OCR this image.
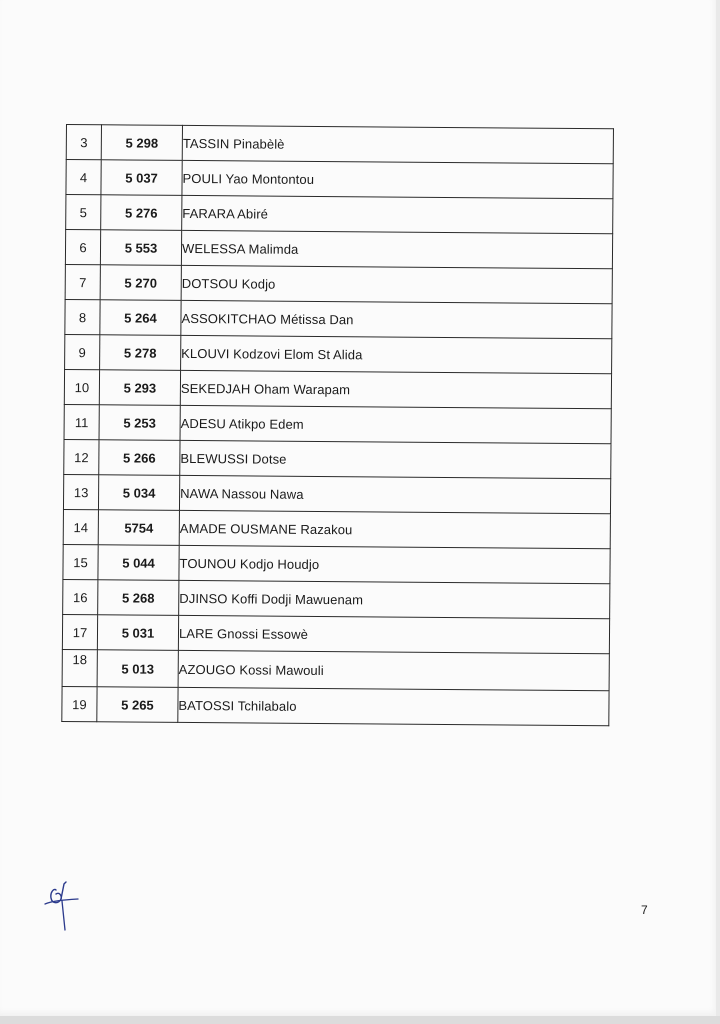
3	5 298	TASSIN Pinabèlè
4	5 037	POULI Yao Montontou
5	5 276	FARARA Abiré
6	5 553	WELESSA Malimda
7	5 270	DOTSOU Kodjo
8	5 264	ASSOKITCHAO Métissa Dan
9	5 278	KLOUVI Kodzovi Elom St Alida
10	5 293	SEKEDJAH Oham Warapam
11	5 253	ADESU Atikpo Edem
12	5 266	BLEWUSSI Dotse
13	5 034	NAWA Nassou Nawa
14	5754	AMADE OUSMANE Razakou
15	5 044	TOUNOU Kodjo Houdjo
16	5 268	DJINSO Koffi Dodji Mawuenam
17	5 031	LARE Gnossi Essowè
18	5 013	AZOUGO Kossi Mawouli
19	5 265	BATOSSI Tchilabalo
7
